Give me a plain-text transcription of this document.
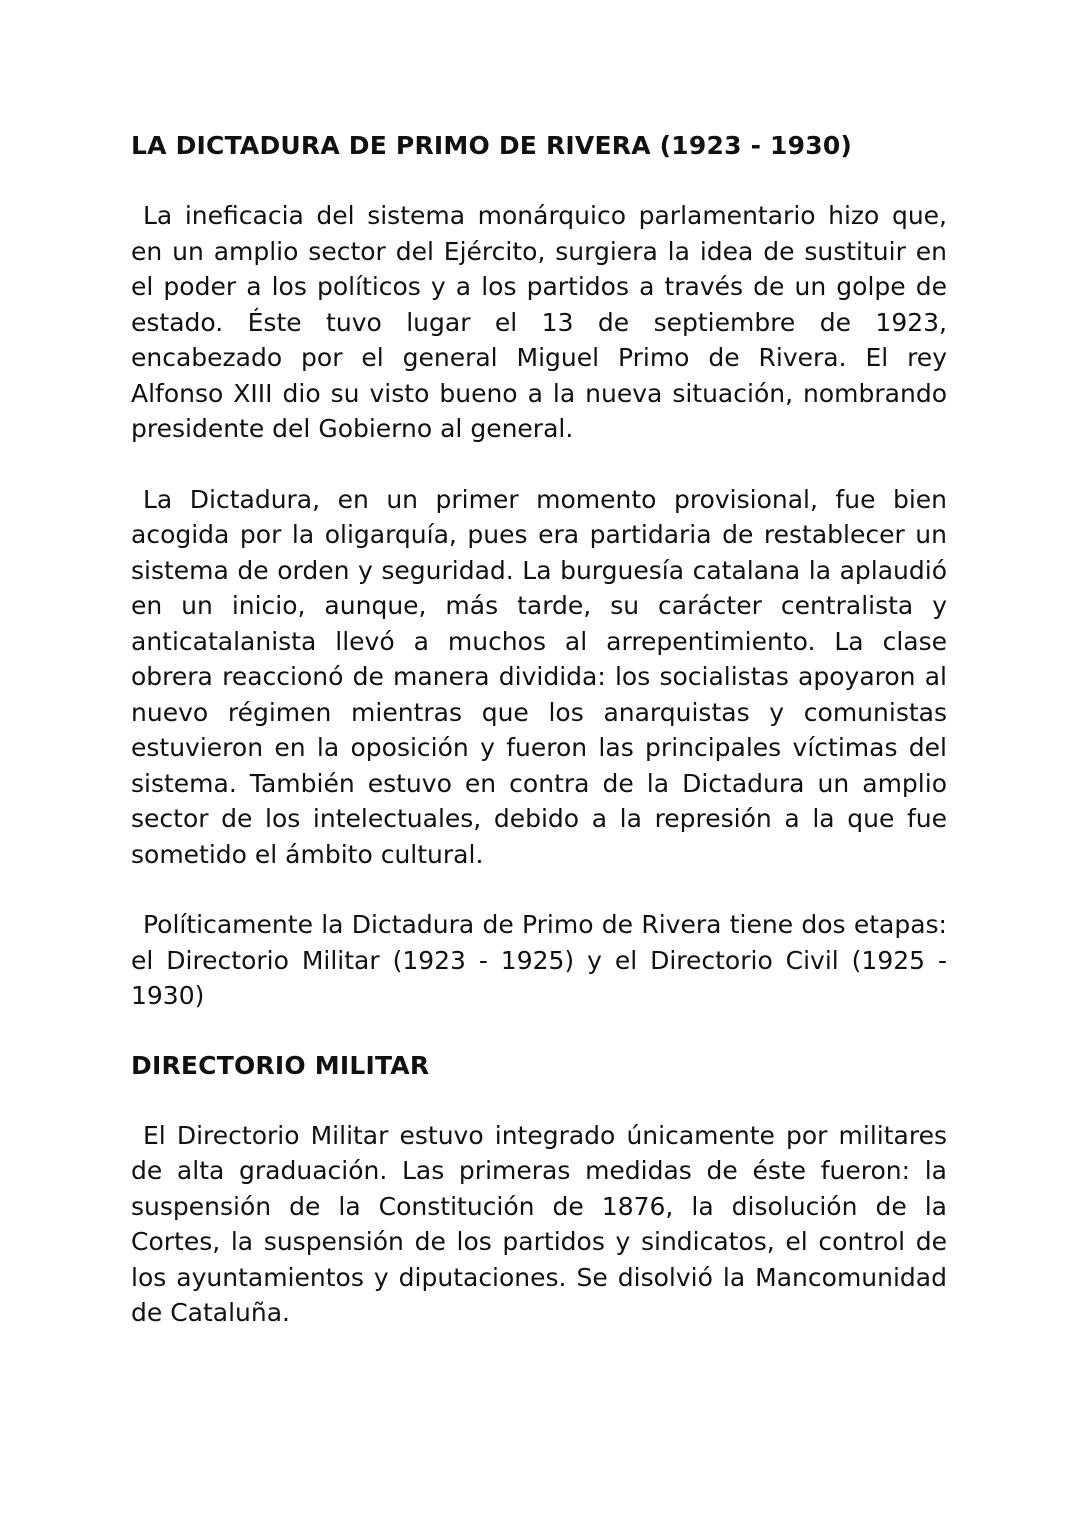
LA DICTADURA DE PRIMO DE RIVERA (1923 - 1930)

La ineficacia del sistema monárquico parlamentario hizo que, en un amplio sector del Ejército, surgiera la idea de sustituir en el poder a los políticos y a los partidos a través de un golpe de estado. Éste tuvo lugar el 13 de septiembre de 1923, encabezado por el general Miguel Primo de Rivera. El rey Alfonso XIII dio su visto bueno a la nueva situación, nombrando presidente del Gobierno al general.

La Dictadura, en un primer momento provisional, fue bien acogida por la oligarquía, pues era partidaria de restablecer un sistema de orden y seguridad. La burguesía catalana la aplaudió en un inicio, aunque, más tarde, su carácter centralista y anticatalanista llevó a muchos al arrepentimiento. La clase obrera reaccionó de manera dividida: los socialistas apoyaron al nuevo régimen mientras que los anarquistas y comunistas estuvieron en la oposición y fueron las principales víctimas del sistema. También estuvo en contra de la Dictadura un amplio sector de los intelectuales, debido a la represión a la que fue sometido el ámbito cultural.

Políticamente la Dictadura de Primo de Rivera tiene dos etapas: el Directorio Militar (1923 - 1925) y el Directorio Civil (1925 - 1930)

DIRECTORIO MILITAR

El Directorio Militar estuvo integrado únicamente por militares de alta graduación. Las primeras medidas de éste fueron: la suspensión de la Constitución de 1876, la disolución de la Cortes, la suspensión de los partidos y sindicatos, el control de los ayuntamientos y diputaciones. Se disolvió la Mancomunidad de Cataluña.
